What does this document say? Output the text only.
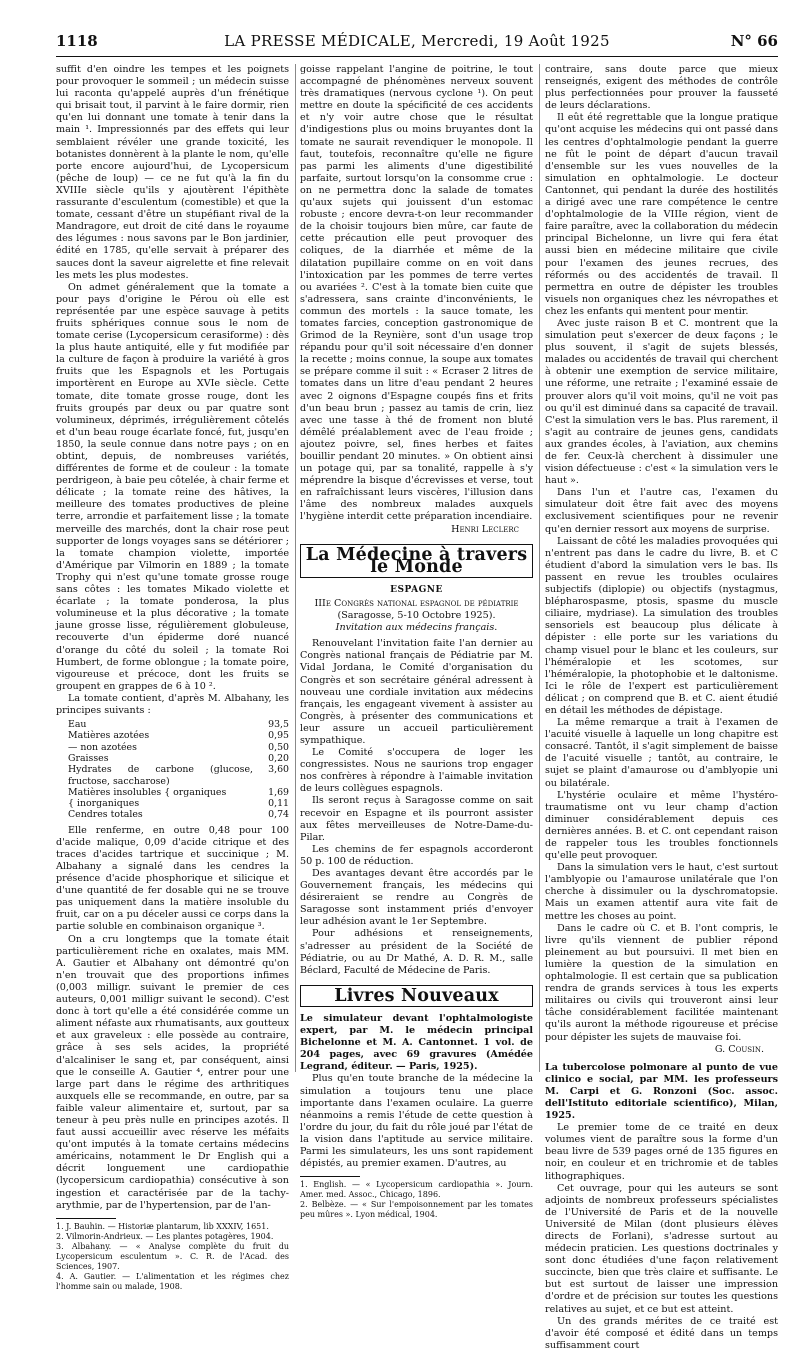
1118	LA PRESSE MÉDICALE, Mercredi, 19 Août 1925	N° 66

suffit d'en oindre les tempes et les poignets pour provoquer le sommeil ; un médecin suisse lui raconta qu'appelé auprès d'un frénétique qui brisait tout, il parvint à le faire dormir, rien qu'en lui donnant une tomate à tenir dans la main ¹. Impressionnés par des effets qui leur semblaient révéler une grande toxicité, les botanistes donnèrent à la plante le nom, qu'elle porte encore aujourd'hui, de Lycopersicum (pêche de loup) — ce ne fut qu'à la fin du XVIIIe siècle qu'ils y ajoutèrent l'épithète rassurante d'esculentum (comestible) et que la tomate, cessant d'être un stupéfiant rival de la Mandragore, eut droit de cité dans le royaume des légumes : nous savons par le Bon jardinier, édité en 1785, qu'elle servait à préparer des sauces dont la saveur aigrelette et fine relevait les mets les plus modestes.

On admet généralement que la tomate a pour pays d'origine le Pérou où elle est représentée par une espèce sauvage à petits fruits sphériques connue sous le nom de tomate cerise (Lycopersicum cerasiforme) : dès la plus haute antiquité, elle y fut modifiée par la culture de façon à produire la variété à gros fruits que les Espagnols et les Portugais importèrent en Europe au XVIe siècle. Cette tomate, dite tomate grosse rouge, dont les fruits groupés par deux ou par quatre sont volumineux, déprimés, irrégulièrement côtelés et d'un beau rouge écarlate foncé, fut, jusqu'en 1850, la seule connue dans notre pays ; on en obtint, depuis, de nombreuses variétés, différentes de forme et de couleur : la tomate perdrigeon, à baie peu côtelée, à chair ferme et délicate ; la tomate reine des hâtives, la meilleure des tomates productives de pleine terre, arrondie et parfaitement lisse ; la tomate merveille des marchés, dont la chair rose peut supporter de longs voyages sans se détériorer ; la tomate champion violette, importée d'Amérique par Vilmorin en 1889 ; la tomate Trophy qui n'est qu'une tomate grosse rouge sans côtes : les tomates Mikado violette et écarlate ; la tomate ponderosa, la plus volumineuse et la plus décorative ; la tomate jaune grosse lisse, régulièrement globuleuse, recouverte d'un épiderme doré nuancé d'orange du côté du soleil ; la tomate Roi Humbert, de forme oblongue ; la tomate poire, vigoureuse et précoce, dont les fruits se groupent en grappes de 6 à 10 ².

La tomate contient, d'après M. Albahany, les principes suivants :

Eau	93,5
Matières azotées	0,95
— non azotées	0,50
Graisses	0,20
Hydrates de carbone (glucose, fructose, saccharose)	3,60
Matières insolubles { organiques	1,69
{ inorganiques	0,11
Cendres totales	0,74

Elle renferme, en outre 0,48 pour 100 d'acide malique, 0,09 d'acide citrique et des traces d'acides tartrique et succinique ; M. Albahany a signalé dans les cendres la présence d'acide phosphorique et silicique et d'une quantité de fer dosable qui ne se trouve pas uniquement dans la matière insoluble du fruit, car on a pu déceler aussi ce corps dans la partie soluble en combinaison organique ³.

On a cru longtemps que la tomate était particulièrement riche en oxalates, mais MM. A. Gautier et Albahany ont démontré qu'on n'en trouvait que des proportions infimes (0,003 milligr. suivant le premier de ces auteurs, 0,001 milligr suivant le second). C'est donc à tort qu'elle a été considérée comme un aliment néfaste aux rhumatisants, aux goutteux et aux graveleux : elle possède au contraire, grâce à ses sels acides, la propriété d'alcaliniser le sang et, par conséquent, ainsi que le conseille A. Gautier ⁴, entrer pour une large part dans le régime des arthritiques auxquels elle se recommande, en outre, par sa faible valeur alimentaire et, surtout, par sa teneur à peu près nulle en principes azotés. Il faut aussi accueillir avec réserve les méfaits qu'ont imputés à la tomate certains médecins américains, notamment le Dr English qui a décrit longuement une cardiopathie (lycopersicum cardiopathia) consécutive à son ingestion et caractérisée par de la tachy-arythmie, par de l'hypertension, par de l'an-

1. J. Bauhin. — Historiæ plantarum, lib XXXIV, 1651.

2. Vilmorin-Andrieux. — Les plantes potagères, 1904.

3. Albahany. — « Analyse complète du fruit du Lycopersicum esculentum ». C. R. de l'Acad. des Sciences, 1907.

4. A. Gautier. — L'alimentation et les régimes chez l'homme sain ou malade, 1908.

goisse rappelant l'angine de poitrine, le tout accompagné de phénomènes nerveux souvent très dramatiques (nervous cyclone ¹). On peut mettre en doute la spécificité de ces accidents et n'y voir autre chose que le résultat d'indigestions plus ou moins bruyantes dont la tomate ne saurait revendiquer le monopole. Il faut, toutefois, reconnaître qu'elle ne figure pas parmi les aliments d'une digestibilité parfaite, surtout lorsqu'on la consomme crue : on ne permettra donc la salade de tomates qu'aux sujets qui jouissent d'un estomac robuste ; encore devra-t-on leur recommander de la choisir toujours bien mûre, car faute de cette précaution elle peut provoquer des coliques, de la diarrhée et même de la dilatation pupillaire comme on en voit dans l'intoxication par les pommes de terre vertes ou avariées ². C'est à la tomate bien cuite que s'adressera, sans crainte d'inconvénients, le commun des mortels : la sauce tomate, les tomates farcies, conception gastronomique de Grimod de la Reynière, sont d'un usage trop répandu pour qu'il soit nécessaire d'en donner la recette ; moins connue, la soupe aux tomates se prépare comme il suit : « Ecraser 2 litres de tomates dans un litre d'eau pendant 2 heures avec 2 oignons d'Espagne coupés fins et frits d'un beau brun ; passez au tamis de crin, liez avec une tasse à thé de froment non bluté démêlé préalablement avec de l'eau froide ; ajoutez poivre, sel, fines herbes et faites bouillir pendant 20 minutes. » On obtient ainsi un potage qui, par sa tonalité, rappelle à s'y méprendre la bisque d'écrevisses et verse, tout en rafraîchissant leurs viscères, l'illusion dans l'âme des nombreux malades auxquels l'hygiène interdit cette préparation incendiaire.

Henri Leclerc

La Médecine à travers le Monde
ESPAGNE

IIIe Congrès national espagnol de pédiatrie

(Saragosse, 5-10 Octobre 1925).

Invitation aux médecins français.

Renouvelant l'invitation faite l'an dernier au Congrès national français de Pédiatrie par M. Vidal Jordana, le Comité d'organisation du Congrès et son secrétaire général adressent à nouveau une cordiale invitation aux médecins français, les engageant vivement à assister au Congrès, à présenter des communications et leur assure un accueil particulièrement sympathique.

Le Comité s'occupera de loger les congressistes. Nous ne saurions trop engager nos confrères à répondre à l'aimable invitation de leurs collègues espagnols.

Ils seront reçus à Saragosse comme on sait recevoir en Espagne et ils pourront assister aux fêtes merveilleuses de Notre-Dame-du-Pilar.

Les chemins de fer espagnols accorderont 50 p. 100 de réduction.

Des avantages devant être accordés par le Gouvernement français, les médecins qui désireraient se rendre au Congrès de Saragosse sont instamment priés d'envoyer leur adhésion avant le 1er Septembre.

Pour adhésions et renseignements, s'adresser au président de la Société de Pédiatrie, ou au Dr Mathé, A. D. R. M., salle Béclard, Faculté de Médecine de Paris.

Livres Nouveaux

Le simulateur devant l'ophtalmologiste expert, par M. le médecin principal Bichelonne et M. A. Cantonnet. 1 vol. de 204 pages, avec 69 gravures (Amédée Legrand, éditeur. — Paris, 1925).

Plus qu'en toute branche de la médecine la simulation a toujours tenu une place importante dans l'examen oculaire. La guerre néanmoins a remis l'étude de cette question à l'ordre du jour, du fait du rôle joué par l'état de la vision dans l'aptitude au service militaire. Parmi les simulateurs, les uns sont rapidement dépistés, au premier examen. D'autres, au

1. English. — « Lycopersicum cardiopathia ». Journ. Amer. med. Assoc., Chicago, 1896.

2. Belbèze. — « Sur l'empoisonnement par les tomates peu mûres ». Lyon médical, 1904.

contraire, sans doute parce que mieux renseignés, exigent des méthodes de contrôle plus perfectionnées pour prouver la fausseté de leurs déclarations.

Il eût été regrettable que la longue pratique qu'ont acquise les médecins qui ont passé dans les centres d'ophtalmologie pendant la guerre ne fût le point de départ d'aucun travail d'ensemble sur les vues nouvelles de la simulation en ophtalmologie. Le docteur Cantonnet, qui pendant la durée des hostilités a dirigé avec une rare compétence le centre d'ophtalmologie de la VIIIe région, vient de faire paraître, avec la collaboration du médecin principal Bichelonne, un livre qui fera état aussi bien en médecine militaire que civile pour l'examen des jeunes recrues, des réformés ou des accidentés de travail. Il permettra en outre de dépister les troubles visuels non organiques chez les névropathes et chez les enfants qui mentent pour mentir.

Avec juste raison B et C. montrent que la simulation peut s'exercer de deux façons ; le plus souvent, il s'agit de sujets blessés, malades ou accidentés de travail qui cherchent à obtenir une exemption de service militaire, une réforme, une retraite ; l'examiné essaie de prouver alors qu'il voit moins, qu'il ne voit pas ou qu'il est diminué dans sa capacité de travail. C'est la simulation vers le bas. Plus rarement, il s'agit au contraire de jeunes gens, candidats aux grandes écoles, à l'aviation, aux chemins de fer. Ceux-là cherchent à dissimuler une vision défectueuse : c'est « la simulation vers le haut ».

Dans l'un et l'autre cas, l'examen du simulateur doit être fait avec des moyens exclusivement scientifiques pour ne revenir qu'en dernier ressort aux moyens de surprise.

Laissant de côté les maladies provoquées qui n'entrent pas dans le cadre du livre, B. et C étudient d'abord la simulation vers le bas. Ils passent en revue les troubles oculaires subjectifs (diplopie) ou objectifs (nystagmus, blépharospasme, ptosis, spasme du muscle ciliaire, mydriase). La simulation des troubles sensoriels est beaucoup plus délicate à dépister : elle porte sur les variations du champ visuel pour le blanc et les couleurs, sur l'héméralopie et les scotomes, sur l'héméralopie, la photophobie et le daltonisme. Ici le rôle de l'expert est particulièrement délicat ; on comprend que B. et C. aient étudié en détail les méthodes de dépistage.

La même remarque a trait à l'examen de l'acuité visuelle à laquelle un long chapitre est consacré. Tantôt, il s'agit simplement de baisse de l'acuité visuelle ; tantôt, au contraire, le sujet se plaint d'amaurose ou d'amblyopie uni ou bilatérale.

L'hystérie oculaire et même l'hystéro-traumatisme ont vu leur champ d'action diminuer considérablement depuis ces dernières années. B. et C. ont cependant raison de rappeler tous les troubles fonctionnels qu'elle peut provoquer.

Dans la simulation vers le haut, c'est surtout l'amblyopie ou l'amaurose unilatérale que l'on cherche à dissimuler ou la dyschromatopsie. Mais un examen attentif aura vite fait de mettre les choses au point.

Dans le cadre où C. et B. l'ont compris, le livre qu'ils viennent de publier répond pleinement au but poursuivi. Il met bien en lumière la question de la simulation en ophtalmologie. Il est certain que sa publication rendra de grands services à tous les experts militaires ou civils qui trouveront ainsi leur tâche considérablement facilitée maintenant qu'ils auront la méthode rigoureuse et précise pour dépister les sujets de mauvaise foi.

G. Cousin.

La tubercolose polmonare al punto de vue clinico e social, par MM. les professeurs M. Carpi et G. Ronzoni (Soc. assoc. dell'Istituto editoriale scientifico), Milan, 1925.

Le premier tome de ce traité en deux volumes vient de paraître sous la forme d'un beau livre de 539 pages orné de 135 figures en noir, en couleur et en trichromie et de tables lithographiques.

Cet ouvrage, pour qui les auteurs se sont adjoints de nombreux professeurs spécialistes de l'Université de Paris et de la nouvelle Université de Milan (dont plusieurs élèves directs de Forlani), s'adresse surtout au médecin praticien. Les questions doctrinales y sont donc étudiées d'une façon relativement succincte, bien que très claire et suffisante. Le but est surtout de laisser une impression d'ordre et de précision sur toutes les questions relatives au sujet, et ce but est atteint.

Un des grands mérites de ce traité est d'avoir été composé et édité dans un temps suffisamment court
